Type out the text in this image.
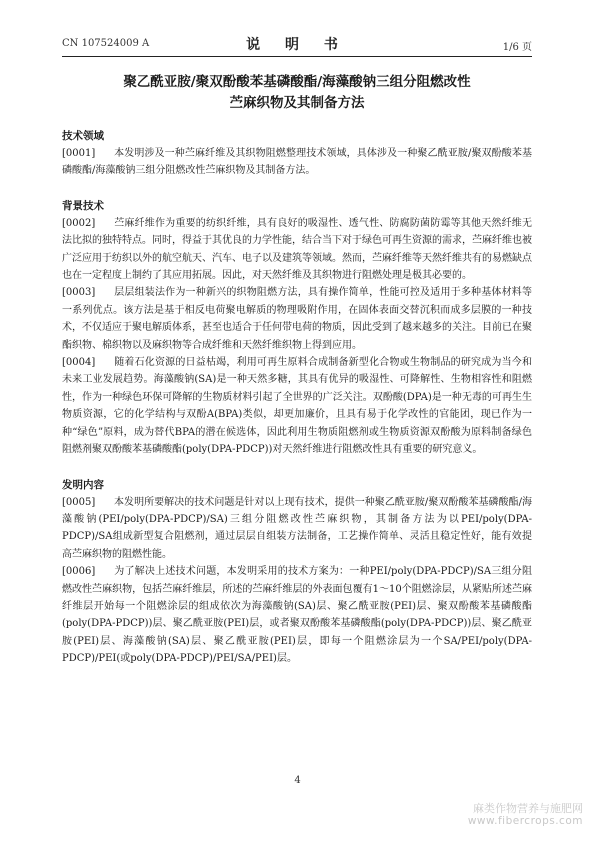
CN 107524009 A	说 明 书	1/6 页
聚乙酰亚胺/聚双酚酸苯基磷酸酯/海藻酸钠三组分阻燃改性
苎麻织物及其制备方法

技术领域

[0001] 本发明涉及一种苎麻纤维及其织物阻燃整理技术领域，具体涉及一种聚乙酰亚胺/聚双酚酸苯基磷酸酯/海藻酸钠三组分阻燃改性苎麻织物及其制备方法。

背景技术

[0002] 苎麻纤维作为重要的纺织纤维，具有良好的吸湿性、透气性、防腐防菌防霉等其他天然纤维无法比拟的独特特点。同时，得益于其优良的力学性能，结合当下对于绿色可再生资源的需求，苎麻纤维也被广泛应用于纺织以外的航空航天、汽车、电子以及建筑等领域。然而，苎麻纤维等天然纤维共有的易燃缺点也在一定程度上制约了其应用拓展。因此，对天然纤维及其织物进行阻燃处理是极其必要的。

[0003] 层层组装法作为一种新兴的织物阻燃方法，具有操作简单，性能可控及适用于多种基体材料等一系列优点。该方法是基于相反电荷聚电解质的物理吸附作用，在固体表面交替沉积而成多层膜的一种技术，不仅适应于聚电解质体系，甚至也适合于任何带电荷的物质，因此受到了越来越多的关注。目前已在聚酯织物、棉织物以及麻织物等合成纤维和天然纤维织物上得到应用。

[0004] 随着石化资源的日益枯竭，利用可再生原料合成制备新型化合物或生物制品的研究成为当今和未来工业发展趋势。海藻酸钠(SA)是一种天然多糖，其具有优异的吸湿性、可降解性、生物相容性和阻燃性，作为一种绿色环保可降解的生物质材料引起了全世界的广泛关注。双酚酸(DPA)是一种无毒的可再生生物质资源，它的化学结构与双酚A(BPA)类似，却更加廉价，且具有易于化学改性的官能团，现已作为一种“绿色”原料，成为替代BPA的潜在候选体，因此利用生物质阻燃剂或生物质资源双酚酸为原料制备绿色阻燃剂聚双酚酸苯基磷酸酯(poly(DPA-PDCP))对天然纤维进行阻燃改性具有重要的研究意义。

发明内容

[0005] 本发明所要解决的技术问题是针对以上现有技术，提供一种聚乙酰亚胺/聚双酚酸苯基磷酸酯/海藻酸钠(PEI/poly(DPA-PDCP)/SA)三组分阻燃改性苎麻织物，其制备方法为以PEI/poly(DPA-PDCP)/SA组成新型复合阻燃剂，通过层层自组装方法制备，工艺操作简单、灵活且稳定性好，能有效提高苎麻织物的阻燃性能。

[0006] 为了解决上述技术问题，本发明采用的技术方案为：一种PEI/poly(DPA-PDCP)/SA三组分阻燃改性苎麻织物，包括苎麻纤维层，所述的苎麻纤维层的外表面包覆有1～10个阻燃涂层，从紧贴所述苎麻纤维层开始每一个阻燃涂层的组成依次为海藻酸钠(SA)层、聚乙酰亚胺(PEI)层、聚双酚酸苯基磷酸酯(poly(DPA-PDCP))层、聚乙酰亚胺(PEI)层，或者聚双酚酸苯基磷酸酯(poly(DPA-PDCP))层、聚乙酰亚胺(PEI)层、海藻酸钠(SA)层、聚乙酰亚胺(PEI)层，即每一个阻燃涂层为一个SA/PEI/poly(DPA-PDCP)/PEI(或poly(DPA-PDCP)/PEI/SA/PEI)层。

4
麻类作物营养与施肥网
www.fibercrops.com
